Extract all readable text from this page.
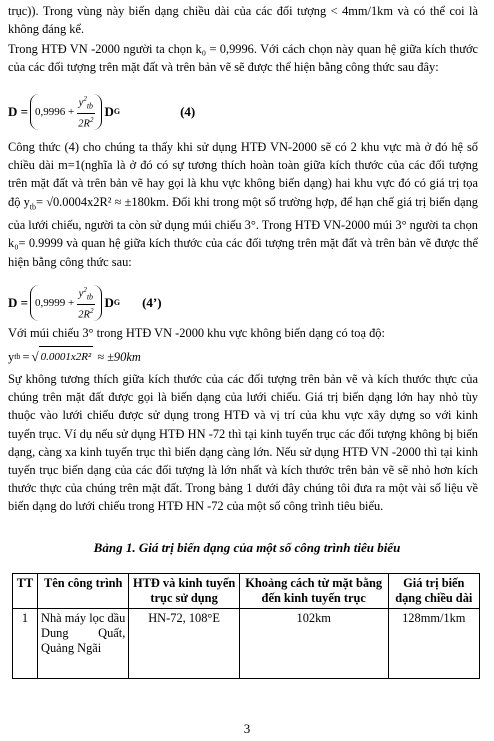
trục)). Trong vùng này biến dạng chiều dài của các đối tượng < 4mm/1km và có thể coi là không đáng kể.

Trong HTĐ VN -2000 người ta chọn k₀ = 0,9996. Với cách chọn này quan hệ giữa kích thước của các đối tượng trên mặt đất và trên bản vẽ sẽ được thể hiện bằng công thức sau đây:

$D = 0,9996 + \frac{y^2_{tb}}{2R^2}$ D G	(4)

Công thức (4) cho chúng ta thấy khi sử dụng HTĐ VN-2000 sẽ có 2 khu vực mà ở đó hệ số chiều dài m=1(nghĩa là ở đó có sự tương thích hoàn toàn giữa kích thước của các đối tượng trên mặt đất và trên bản vẽ hay gọi là khu vực không biến dạng) hai khu vực đó có giá trị tọa độ $y_{tb}= √0.0004x2R^2 \approx \pm 180km$. Đối khi trong một số trường hợp, để hạn chế giá trị biến dạng của lưới chiếu, người ta còn sử dụng múi chiếu 3°. Trong HTĐ VN-2000 múi 3° người ta chọn k₀= 0.9999 và quan hệ giữa kích thước của các đối tượng trên mặt đất và trên bản vẽ được thể hiện bằng công thức sau:

$D = 0,9999 + \frac{y^2_{tb}}{2R^2}$ D G (4’)

Với múi chiếu 3° trong HTĐ VN -2000 khu vực không biến dạng có toạ độ:

y tb = √ 0.0001x2R² ≈ ±90km

Sự không tương thích giữa kích thước của các đối tượng trên bản vẽ và kích thước thực của chúng trên mặt đất được gọi là biến dạng của lưới chiếu. Giá trị biến dạng lớn hay nhỏ tùy thuộc vào lưới chiếu được sử dụng trong HTĐ và vị trí của khu vực xây dựng so với kinh tuyến trục. Ví dụ nếu sử dụng HTĐ HN -72 thì tại kinh tuyến trục các đối tượng không bị biến dạng, càng xa kinh tuyến trục thì biến dạng càng lớn. Nếu sử dụng HTĐ VN -2000 thì tại kinh tuyến trục biến dạng của các đối tượng là lớn nhất và kích thước trên bản vẽ sẽ nhỏ hơn kích thước thực của chúng trên mặt đất. Trong bảng 1 dưới đây chúng tôi đưa ra một vài số liệu về biến dạng do lưới chiếu trong HTĐ HN -72 của một số công trình tiêu biểu.

Bảng 1. Giá trị biến dạng của một số công trình tiêu biểu
TT	Tên công trình	HTĐ và kinh tuyến trục sử dụng	Khoảng cách từ mặt bằng đến kinh tuyến trục	Giá trị biến dạng chiều dài
1	Nhà máy lọc dầu Dung Quất, Quảng Ngãi	HN-72, 108°E	102km	128mm/1km
3
